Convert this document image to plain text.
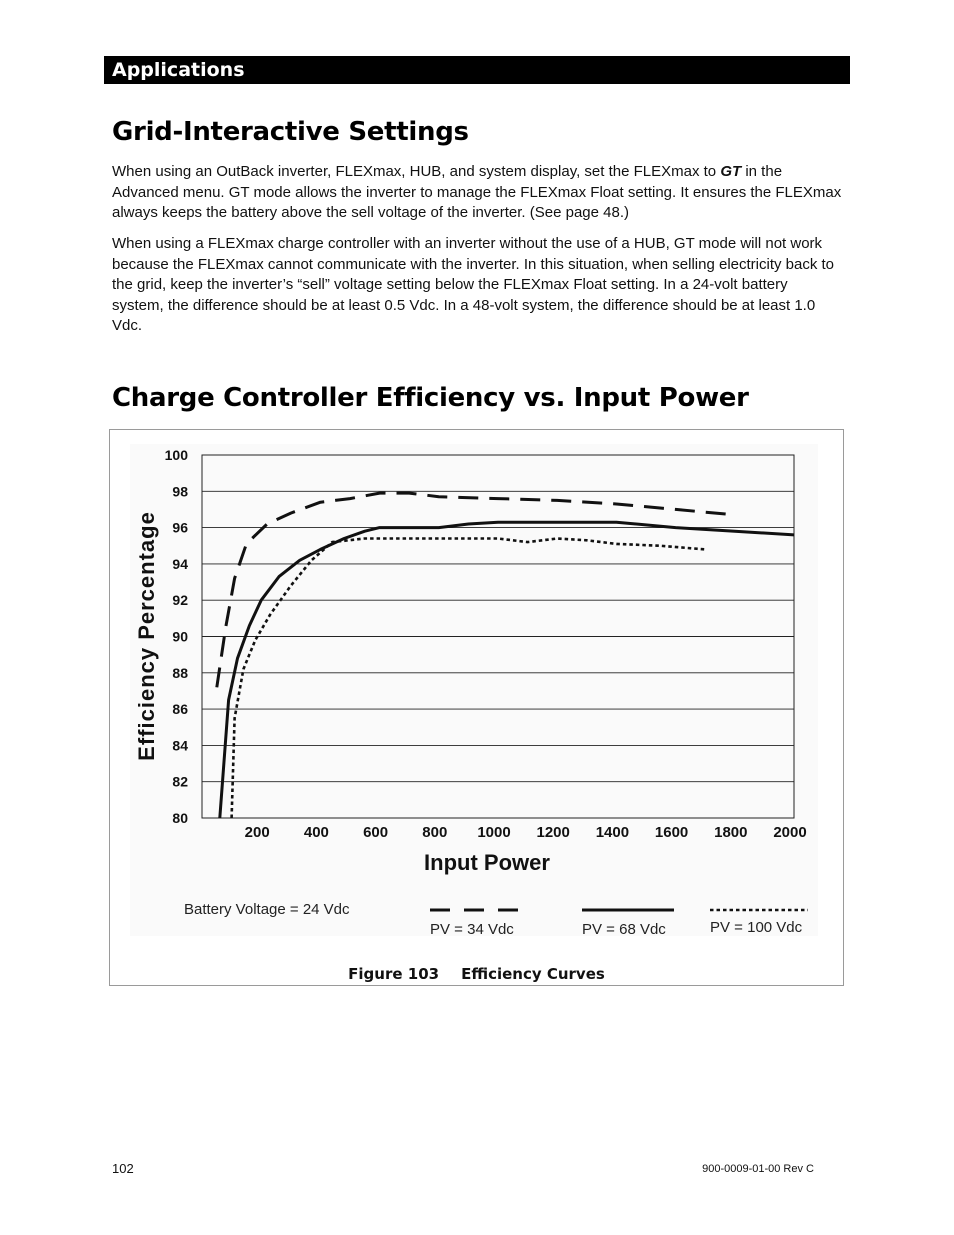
Applications
Grid-Interactive Settings

When using an OutBack inverter, FLEXmax, HUB, and system display, set the FLEXmax to GT in the Advanced menu. GT mode allows the inverter to manage the FLEXmax Float setting. It ensures the FLEXmax always keeps the battery above the sell voltage of the inverter. (See page 48.)

When using a FLEXmax charge controller with an inverter without the use of a HUB, GT mode will not work because the FLEXmax cannot communicate with the inverter. In this situation, when selling electricity back to the grid, keep the inverter’s “sell” voltage setting below the FLEXmax Float setting. In a 24-volt battery system, the difference should be at least 0.5 Vdc. In a 48-volt system, the difference should be at least 1.0 Vdc.

Charge Controller Efficiency vs. Input Power
100
98
96
94
92
90
88
86
84
82
80
200 400 600 800 1000 1200 1400 1600 1800 2000
Input Power
Efficiency Percentage
Battery Voltage = 24 Vdc
PV = 34 Vdc	PV = 68 Vdc	PV = 100 Vdc
Figure 103 Efficiency Curves
102	900-0009-01-00 Rev C
